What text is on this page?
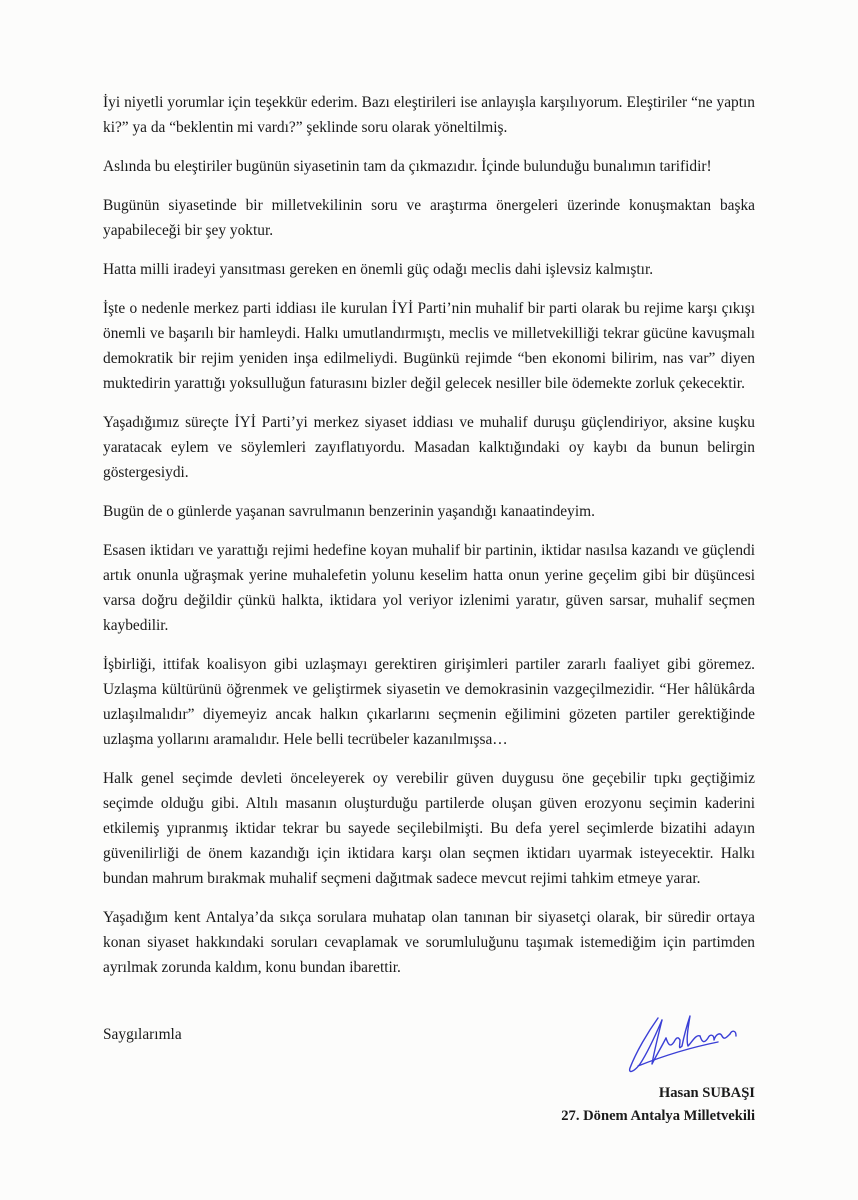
İyi niyetli yorumlar için teşekkür ederim. Bazı eleştirileri ise anlayışla karşılıyorum. Eleştiriler “ne yaptın ki?” ya da “beklentin mi vardı?” şeklinde soru olarak yöneltilmiş.

Aslında bu eleştiriler bugünün siyasetinin tam da çıkmazıdır. İçinde bulunduğu bunalımın tarifidir!

Bugünün siyasetinde bir milletvekilinin soru ve araştırma önergeleri üzerinde konuşmaktan başka yapabileceği bir şey yoktur.

Hatta milli iradeyi yansıtması gereken en önemli güç odağı meclis dahi işlevsiz kalmıştır.

İşte o nedenle merkez parti iddiası ile kurulan İYİ Parti’nin muhalif bir parti olarak bu rejime karşı çıkışı önemli ve başarılı bir hamleydi. Halkı umutlandırmıştı, meclis ve milletvekilliği tekrar gücüne kavuşmalı demokratik bir rejim yeniden inşa edilmeliydi. Bugünkü rejimde “ben ekonomi bilirim, nas var” diyen muktedirin yarattığı yoksulluğun faturasını bizler değil gelecek nesiller bile ödemekte zorluk çekecektir.

Yaşadığımız süreçte İYİ Parti’yi merkez siyaset iddiası ve muhalif duruşu güçlendiriyor, aksine kuşku yaratacak eylem ve söylemleri zayıflatıyordu. Masadan kalktığındaki oy kaybı da bunun belirgin göstergesiydi.

Bugün de o günlerde yaşanan savrulmanın benzerinin yaşandığı kanaatindeyim.

Esasen iktidarı ve yarattığı rejimi hedefine koyan muhalif bir partinin, iktidar nasılsa kazandı ve güçlendi artık onunla uğraşmak yerine muhalefetin yolunu keselim hatta onun yerine geçelim gibi bir düşüncesi varsa doğru değildir çünkü halkta, iktidara yol veriyor izlenimi yaratır, güven sarsar, muhalif seçmen kaybedilir.

İşbirliği, ittifak koalisyon gibi uzlaşmayı gerektiren girişimleri partiler zararlı faaliyet gibi göremez. Uzlaşma kültürünü öğrenmek ve geliştirmek siyasetin ve demokrasinin vazgeçilmezidir. “Her hâlükârda uzlaşılmalıdır” diyemeyiz ancak halkın çıkarlarını seçmenin eğilimini gözeten partiler gerektiğinde uzlaşma yollarını aramalıdır. Hele belli tecrübeler kazanılmışsa…

Halk genel seçimde devleti önceleyerek oy verebilir güven duygusu öne geçebilir tıpkı geçtiğimiz seçimde olduğu gibi. Altılı masanın oluşturduğu partilerde oluşan güven erozyonu seçimin kaderini etkilemiş yıpranmış iktidar tekrar bu sayede seçilebilmişti. Bu defa yerel seçimlerde bizatihi adayın güvenilirliği de önem kazandığı için iktidara karşı olan seçmen iktidarı uyarmak isteyecektir. Halkı bundan mahrum bırakmak muhalif seçmeni dağıtmak sadece mevcut rejimi tahkim etmeye yarar.

Yaşadığım kent Antalya’da sıkça sorulara muhatap olan tanınan bir siyasetçi olarak, bir süredir ortaya konan siyaset hakkındaki soruları cevaplamak ve sorumluluğunu taşımak istemediğim için partimden ayrılmak zorunda kaldım, konu bundan ibarettir.

Saygılarımla
Hasan SUBAŞI
27. Dönem Antalya Milletvekili
